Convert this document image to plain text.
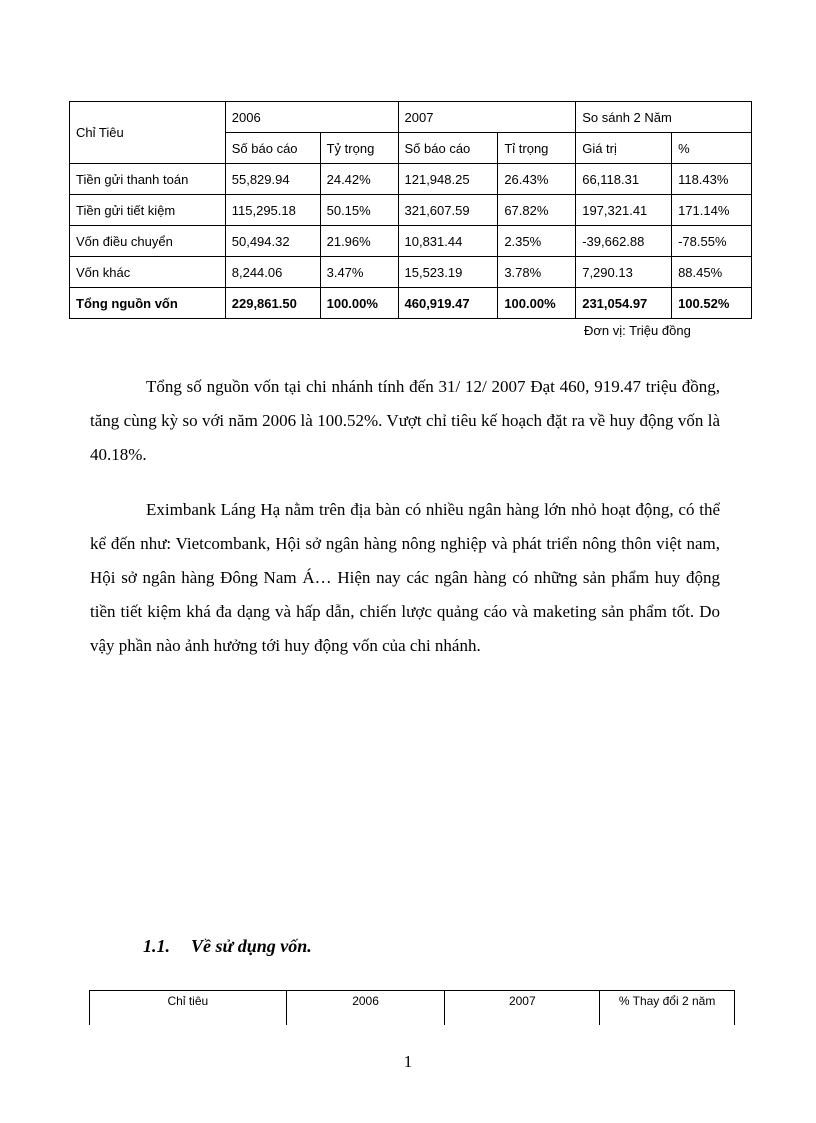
Chỉ Tiêu	2006		2007		So sánh 2 Năm	
	Số báo cáo	Tỷ trọng	Số báo cáo	Tỉ trọng	Giá trị	%
Tiền gửi thanh toán	55,829.94	24.42%	121,948.25	26.43%	66,118.31	118.43%
Tiền gửi tiết kiệm	115,295.18	50.15%	321,607.59	67.82%	197,321.41	171.14%
Vốn điều chuyển	50,494.32	21.96%	10,831.44	2.35%	-39,662.88	-78.55%
Vốn khác	8,244.06	3.47%	15,523.19	3.78%	7,290.13	88.45%
Tổng nguồn vốn	229,861.50	100.00%	460,919.47	100.00%	231,054.97	100.52%
Đơn vị: Triệu đồng

Tổng số nguồn vốn tại chi nhánh tính đến 31/ 12/ 2007 Đạt 460, 919.47 triệu đồng, tăng cùng kỳ so với năm 2006 là 100.52%. Vượt chỉ tiêu kế hoạch đặt ra về huy động vốn là 40.18%.

Eximbank Láng Hạ nằm trên địa bàn có nhiều ngân hàng lớn nhỏ hoạt động, có thể kể đến như: Vietcombank, Hội sở ngân hàng nông nghiệp và phát triển nông thôn việt nam, Hội sở ngân hàng Đông Nam Á… Hiện nay các ngân hàng có những sản phẩm huy động tiền tiết kiệm khá đa dạng và hấp dẫn, chiến lược quảng cáo và maketing sản phẩm tốt. Do vậy phần nào ảnh hưởng tới huy động vốn của chi nhánh.

1.1. Về sử dụng vốn.
Chỉ tiêu	2006	2007	% Thay đổi 2 năm
1
